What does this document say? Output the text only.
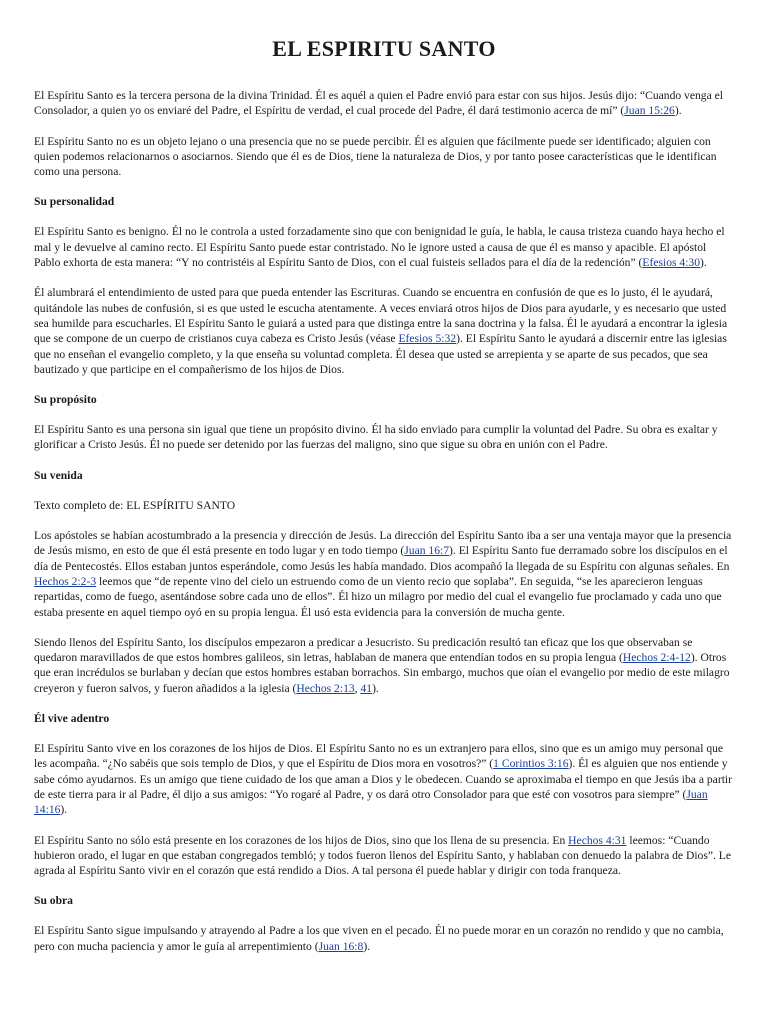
EL ESPIRITU SANTO

El Espíritu Santo es la tercera persona de la divina Trinidad. Él es aquél a quien el Padre envió para estar con sus hijos. Jesús dijo: “Cuando venga el Consolador, a quien yo os enviaré del Padre, el Espíritu de verdad, el cual procede del Padre, él dará testimonio acerca de mí” (Juan 15:26).

El Espíritu Santo no es un objeto lejano o una presencia que no se puede percibir. Él es alguien que fácilmente puede ser identificado; alguien con quien podemos relacionarnos o asociarnos. Siendo que él es de Dios, tiene la naturaleza de Dios, y por tanto posee características que le identifican como una persona.

Su personalidad

El Espíritu Santo es benigno. Él no le controla a usted forzadamente sino que con benignidad le guía, le habla, le causa tristeza cuando haya hecho el mal y le devuelve al camino recto. El Espíritu Santo puede estar contristado. No le ignore usted a causa de que él es manso y apacible. El apóstol Pablo exhorta de esta manera: “Y no contristéis al Espíritu Santo de Dios, con el cual fuisteis sellados para el día de la redención” (Efesios 4:30).

Él alumbrará el entendimiento de usted para que pueda entender las Escrituras. Cuando se encuentra en confusión de que es lo justo, él le ayudará, quitándole las nubes de confusión, si es que usted le escucha atentamente. A veces enviará otros hijos de Dios para ayudarle, y es necesario que usted sea humilde para escucharles. El Espíritu Santo le guiará a usted para que distinga entre la sana doctrina y la falsa. Él le ayudará a encontrar la iglesia que se compone de un cuerpo de cristianos cuya cabeza es Cristo Jesús (véase Efesios 5:32). El Espíritu Santo le ayudará a discernir entre las iglesias que no enseñan el evangelio completo, y la que enseña su voluntad completa. Él desea que usted se arrepienta y se aparte de sus pecados, que sea bautizado y que participe en el compañerismo de los hijos de Dios.

Su propósito

El Espíritu Santo es una persona sin igual que tiene un propósito divino. Él ha sido enviado para cumplir la voluntad del Padre. Su obra es exaltar y glorificar a Cristo Jesús. Él no puede ser detenido por las fuerzas del maligno, sino que sigue su obra en unión con el Padre.

Su venida

Texto completo de: EL ESPÍRITU SANTO

Los apóstoles se habían acostumbrado a la presencia y dirección de Jesús. La dirección del Espíritu Santo iba a ser una ventaja mayor que la presencia de Jesús mismo, en esto de que él está presente en todo lugar y en todo tiempo (Juan 16:7). El Espíritu Santo fue derramado sobre los discípulos en el día de Pentecostés. Ellos estaban juntos esperándole, como Jesús les había mandado. Dios acompañó la llegada de su Espíritu con algunas señales. En Hechos 2:2-3 leemos que “de repente vino del cielo un estruendo como de un viento recio que soplaba”. En seguida, “se les aparecieron lenguas repartidas, como de fuego, asentándose sobre cada uno de ellos”. Él hizo un milagro por medio del cual el evangelio fue proclamado y cada uno que estaba presente en aquel tiempo oyó en su propia lengua. Él usó esta evidencia para la conversión de mucha gente.

Siendo llenos del Espíritu Santo, los discípulos empezaron a predicar a Jesucristo. Su predicación resultó tan eficaz que los que observaban se quedaron maravillados de que estos hombres galileos, sin letras, hablaban de manera que entendían todos en su propia lengua (Hechos 2:4-12). Otros que eran incrédulos se burlaban y decían que estos hombres estaban borrachos. Sin embargo, muchos que oían el evangelio por medio de este milagro creyeron y fueron salvos, y fueron añadidos a la iglesia (Hechos 2:13, 41).

Él vive adentro

El Espíritu Santo vive en los corazones de los hijos de Dios. El Espíritu Santo no es un extranjero para ellos, sino que es un amigo muy personal que les acompaña. “¿No sabéis que sois templo de Dios, y que el Espíritu de Dios mora en vosotros?” (1 Corintios 3:16). Él es alguien que nos entiende y sabe cómo ayudarnos. Es un amigo que tiene cuidado de los que aman a Dios y le obedecen. Cuando se aproximaba el tiempo en que Jesús iba a partir de este tierra para ir al Padre, él dijo a sus amigos: “Yo rogaré al Padre, y os dará otro Consolador para que esté con vosotros para siempre” (Juan 14:16).

El Espíritu Santo no sólo está presente en los corazones de los hijos de Dios, sino que los llena de su presencia. En Hechos 4:31 leemos: “Cuando hubieron orado, el lugar en que estaban congregados tembló; y todos fueron llenos del Espíritu Santo, y hablaban con denuedo la palabra de Dios”. Le agrada al Espíritu Santo vivir en el corazón que está rendido a Dios. A tal persona él puede hablar y dirigir con toda franqueza.

Su obra

El Espíritu Santo sigue impulsando y atrayendo al Padre a los que viven en el pecado. Él no puede morar en un corazón no rendido y que no cambia, pero con mucha paciencia y amor le guía al arrepentimiento (Juan 16:8).
